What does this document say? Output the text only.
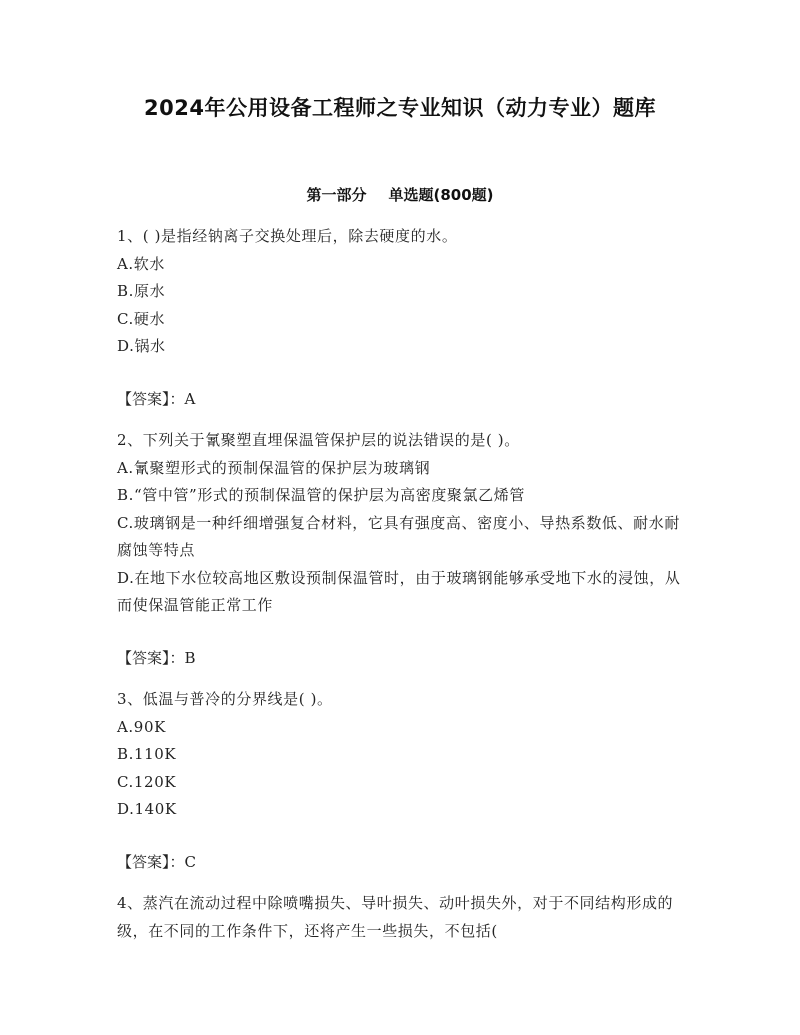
2024年公用设备工程师之专业知识（动力专业）题库
第一部分 单选题(800题)

1、( )是指经钠离子交换处理后，除去硬度的水。

A.软水

B.原水

C.硬水

D.锅水

【答案】：A

2、下列关于氰聚塑直埋保温管保护层的说法错误的是( )。

A.氰聚塑形式的预制保温管的保护层为玻璃钢

B.“管中管”形式的预制保温管的保护层为高密度聚氯乙烯管

C.玻璃钢是一种纤细增强复合材料，它具有强度高、密度小、导热系数低、耐水耐腐蚀等特点

D.在地下水位较高地区敷设预制保温管时，由于玻璃钢能够承受地下水的浸蚀，从而使保温管能正常工作

【答案】：B

3、低温与普冷的分界线是( )。

A.90K

B.110K

C.120K

D.140K

【答案】：C

4、蒸汽在流动过程中除喷嘴损失、导叶损失、动叶损失外，对于不同结构形成的级，在不同的工作条件下，还将产生一些损失，不包括(
